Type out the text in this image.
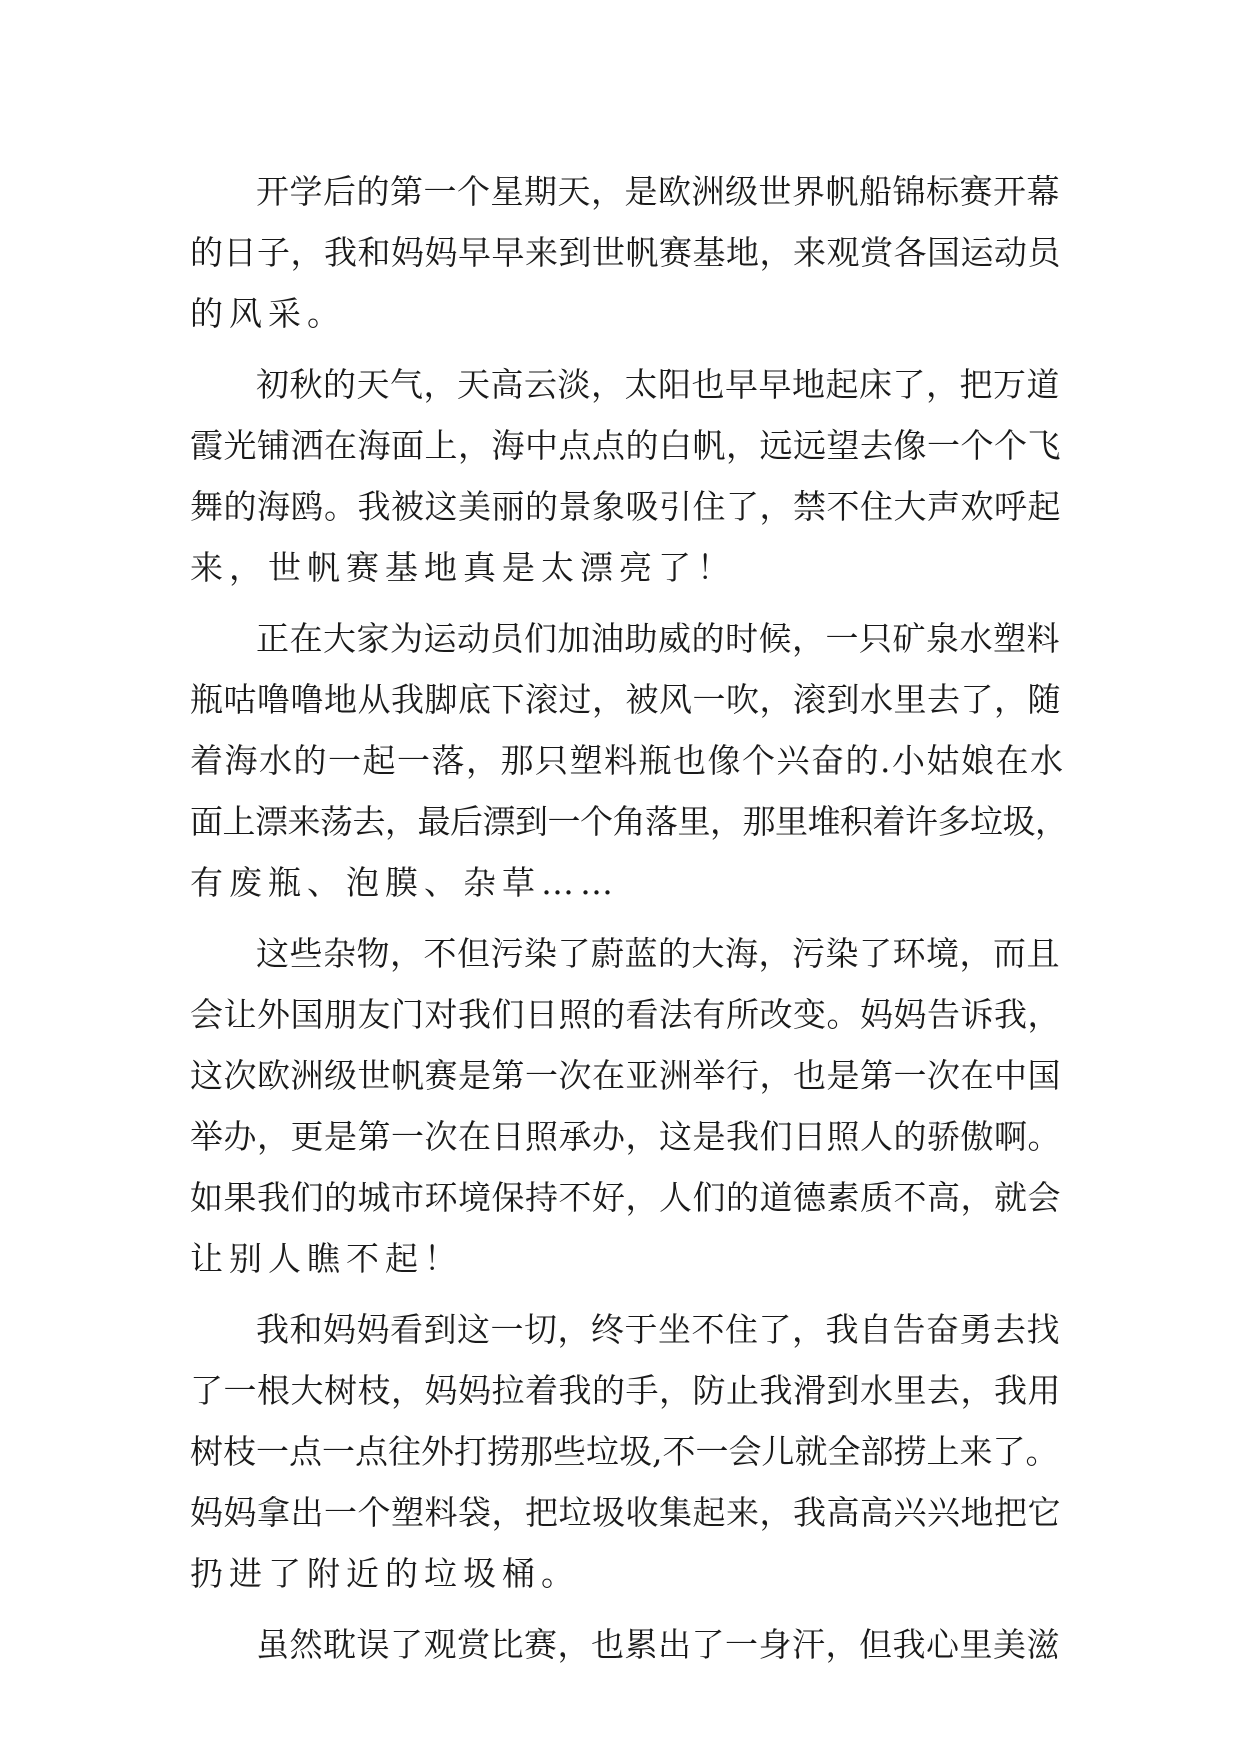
开学后的第一个星期天，是欧洲级世界帆船锦标赛开幕
的日子，我和妈妈早早来到世帆赛基地，来观赏各国运动员
的风采。
初秋的天气，天高云淡，太阳也早早地起床了，把万道
霞光铺洒在海面上，海中点点的白帆，远远望去像一个个飞
舞的海鸥。我被这美丽的景象吸引住了，禁不住大声欢呼起
来，世帆赛基地真是太漂亮了！
正在大家为运动员们加油助威的时候，一只矿泉水塑料
瓶咕噜噜地从我脚底下滚过，被风一吹，滚到水里去了，随
着海水的一起一落，那只塑料瓶也像个兴奋的.小姑娘在水
面上漂来荡去，最后漂到一个角落里，那里堆积着许多垃圾，
有废瓶、泡膜、杂草……
这些杂物，不但污染了蔚蓝的大海，污染了环境，而且
会让外国朋友门对我们日照的看法有所改变。妈妈告诉我，
这次欧洲级世帆赛是第一次在亚洲举行，也是第一次在中国
举办，更是第一次在日照承办，这是我们日照人的骄傲啊。
如果我们的城市环境保持不好，人们的道德素质不高，就会
让别人瞧不起！
我和妈妈看到这一切，终于坐不住了，我自告奋勇去找
了一根大树枝，妈妈拉着我的手，防止我滑到水里去，我用
树枝一点一点往外打捞那些垃圾,不一会儿就全部捞上来了。
妈妈拿出一个塑料袋，把垃圾收集起来，我高高兴兴地把它
扔进了附近的垃圾桶。
虽然耽误了观赏比赛，也累出了一身汗，但我心里美滋
